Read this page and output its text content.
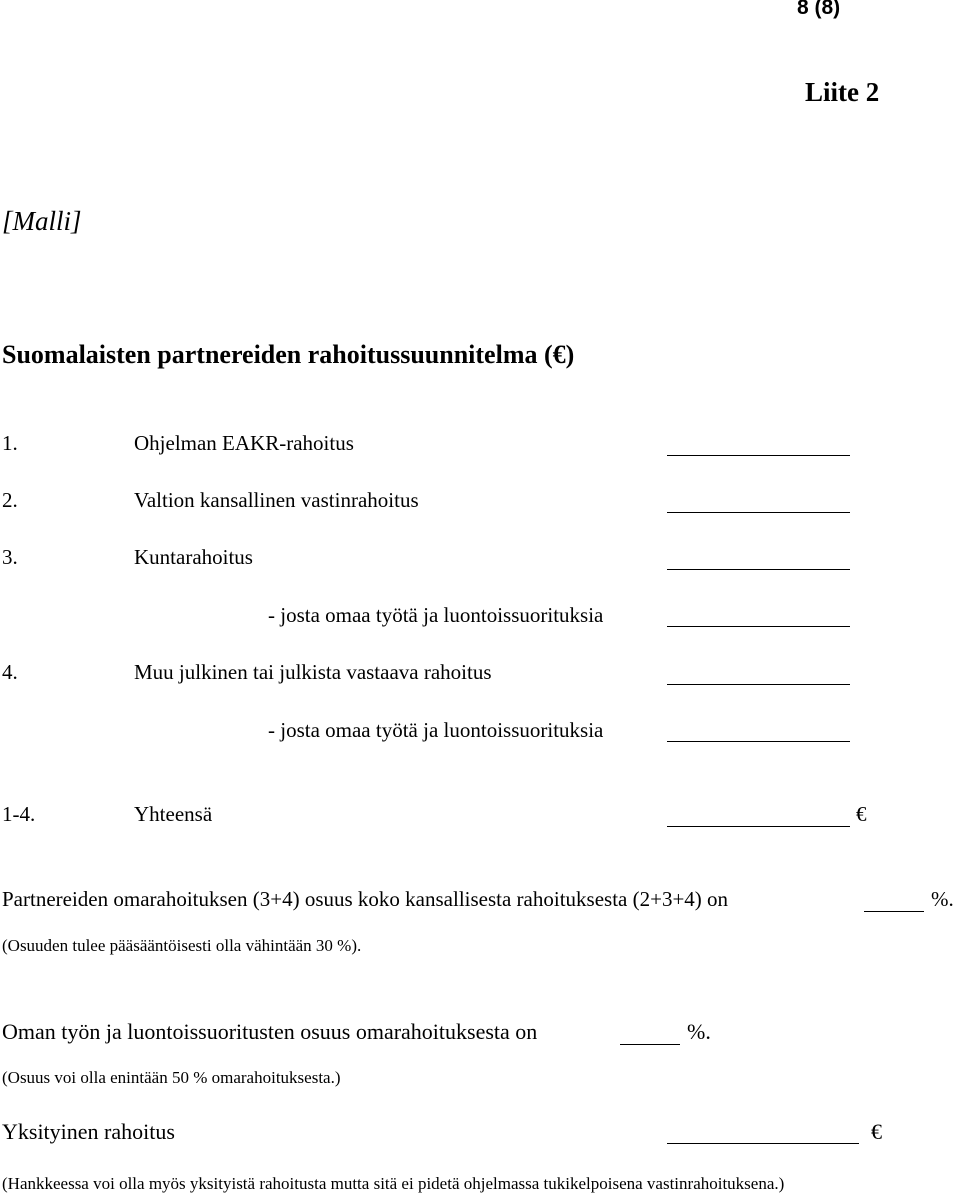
8 (8)
Liite 2
[Malli]
Suomalaisten partnereiden rahoitussuunnitelma (€)
1.	Ohjelman EAKR-rahoitus
2.	Valtion kansallinen vastinrahoitus
3.	Kuntarahoitus
- josta omaa työtä ja luontoissuorituksia
4.	Muu julkinen tai julkista vastaava rahoitus
- josta omaa työtä ja luontoissuorituksia
1-4.	Yhteensä	€
Partnereiden omarahoituksen (3+4) osuus koko kansallisesta rahoituksesta (2+3+4) on	%.
(Osuuden tulee pääsääntöisesti olla vähintään 30 %).
Oman työn ja luontoissuoritusten osuus omarahoituksesta on	%.
(Osuus voi olla enintään 50 % omarahoituksesta.)
Yksityinen rahoitus	€
(Hankkeessa voi olla myös yksityistä rahoitusta mutta sitä ei pidetä ohjelmassa tukikelpoisena vastinrahoituksena.)
